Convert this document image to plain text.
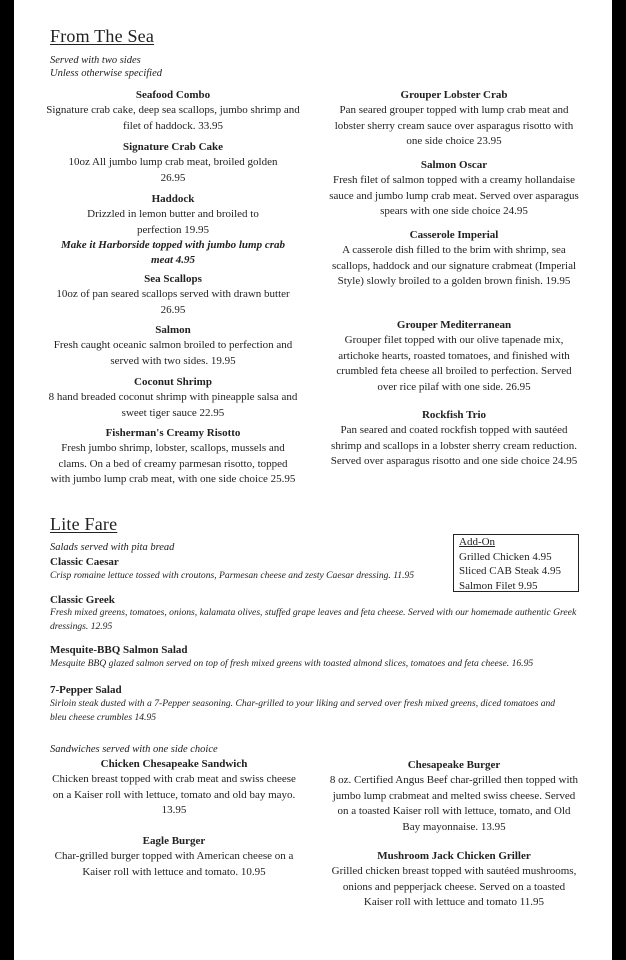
From The Sea
Served with two sides
Unless otherwise specified
Seafood Combo
Signature crab cake, deep sea scallops, jumbo shrimp and filet of haddock. 33.95
Signature Crab Cake
10oz All jumbo lump crab meat, broiled golden 26.95
Haddock
Drizzled in lemon butter and broiled to perfection 19.95
Make it Harborside topped with jumbo lump crab meat 4.95
Sea Scallops
10oz of pan seared scallops served with drawn butter 26.95
Salmon
Fresh caught oceanic salmon broiled to perfection and served with two sides. 19.95
Coconut Shrimp
8 hand breaded coconut shrimp with pineapple salsa and sweet tiger sauce 22.95
Fisherman's Creamy Risotto
Fresh jumbo shrimp, lobster, scallops, mussels and clams. On a bed of creamy parmesan risotto, topped with jumbo lump crab meat, with one side choice 25.95
Grouper Lobster Crab
Pan seared grouper topped with lump crab meat and lobster sherry cream sauce over asparagus risotto with one side choice 23.95
Salmon Oscar
Fresh filet of salmon topped with a creamy hollandaise sauce and jumbo lump crab meat. Served over asparagus spears with one side choice 24.95
Casserole Imperial
A casserole dish filled to the brim with shrimp, sea scallops, haddock and our signature crabmeat (Imperial Style) slowly broiled to a golden brown finish. 19.95
Grouper Mediterranean
Grouper filet topped with our olive tapenade mix, artichoke hearts, roasted tomatoes, and finished with crumbled feta cheese all broiled to perfection. Served over rice pilaf with one side. 26.95
Rockfish Trio
Pan seared and coated rockfish topped with sautéed shrimp and scallops in a lobster sherry cream reduction. Served over asparagus risotto and one side choice 24.95
Lite Fare
Salads served with pita bread	Add-On
Grilled Chicken 4.95
Sliced CAB Steak 4.95
Salmon Filet 9.95
Classic Caesar
Crisp romaine lettuce tossed with croutons, Parmesan cheese and zesty Caesar dressing. 11.95
Classic Greek
Fresh mixed greens, tomatoes, onions, kalamata olives, stuffed grape leaves and feta cheese. Served with our homemade authentic Greek dressings. 12.95
Mesquite-BBQ Salmon Salad
Mesquite BBQ glazed salmon served on top of fresh mixed greens with toasted almond slices, tomatoes and feta cheese. 16.95
7-Pepper Salad
Sirloin steak dusted with a 7-Pepper seasoning. Char-grilled to your liking and served over fresh mixed greens, diced tomatoes and bleu cheese crumbles 14.95
Sandwiches served with one side choice
Chicken Chesapeake Sandwich
Chicken breast topped with crab meat and swiss cheese on a Kaiser roll with lettuce, tomato and old bay mayo. 13.95
Eagle Burger
Char-grilled burger topped with American cheese on a Kaiser roll with lettuce and tomato. 10.95
Chesapeake Burger
8 oz. Certified Angus Beef char-grilled then topped with jumbo lump crabmeat and melted swiss cheese. Served on a toasted Kaiser roll with lettuce, tomato, and Old Bay mayonnaise. 13.95
Mushroom Jack Chicken Griller
Grilled chicken breast topped with sautéed mushrooms, onions and pepperjack cheese. Served on a toasted Kaiser roll with lettuce and tomato 11.95
